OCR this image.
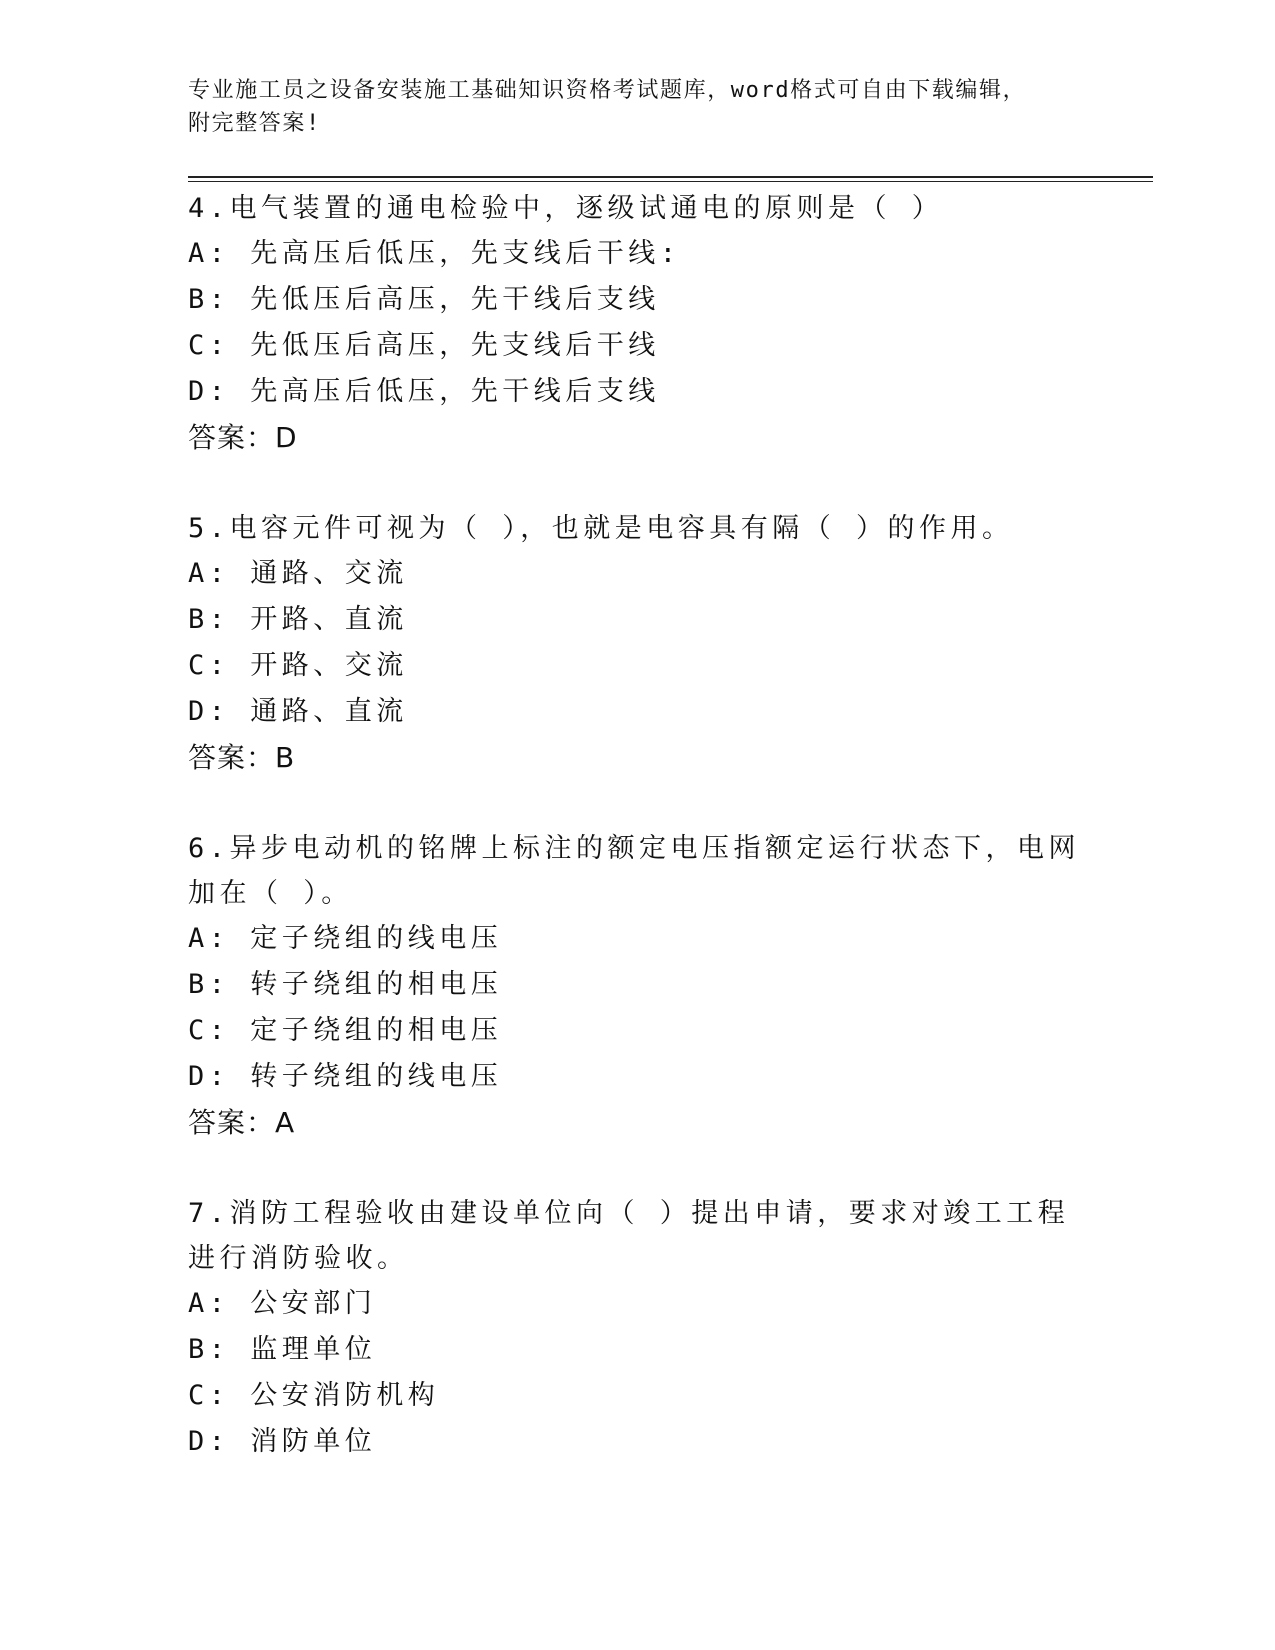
专业施工员之设备安装施工基础知识资格考试题库，word格式可自由下载编辑，
附完整答案!
4.电气装置的通电检验中，逐级试通电的原则是（ ）
A: 先高压后低压，先支线后干线:
B: 先低压后高压，先干线后支线
C: 先低压后高压，先支线后干线
D: 先高压后低压，先干线后支线
答案：D
5.电容元件可视为（ ），也就是电容具有隔（ ）的作用。
A: 通路、交流
B: 开路、直流
C: 开路、交流
D: 通路、直流
答案：B
6.异步电动机的铭牌上标注的额定电压指额定运行状态下，电网加在（ ）。
A: 定子绕组的线电压
B: 转子绕组的相电压
C: 定子绕组的相电压
D: 转子绕组的线电压
答案：A
7.消防工程验收由建设单位向（ ）提出申请，要求对竣工工程进行消防验收。
A: 公安部门
B: 监理单位
C: 公安消防机构
D: 消防单位
